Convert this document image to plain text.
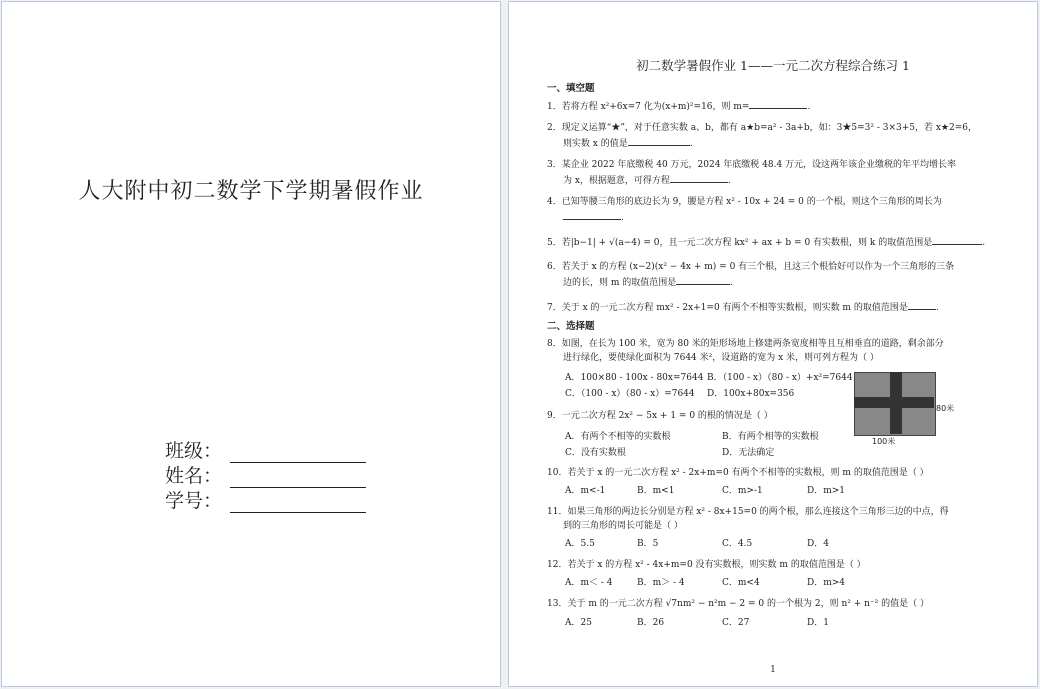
人大附中初二数学下学期暑假作业
班级：
姓名：
学号：
初二数学暑假作业 1——一元二次方程综合练习 1
一、填空题
1．若将方程 x²+6x=7 化为(x+m)²=16，则 m=	.
2．现定义运算“★”，对于任意实数 a、b，都有 a★b=a² - 3a+b，如：3★5=3² - 3×3+5，若 x★2=6，
则实数 x 的值是	.
3．某企业 2022 年底缴税 40 万元，2024 年底缴税 48.4 万元，设这两年该企业缴税的年平均增长率
为 x，根据题意，可得方程	.
4．已知等腰三角形的底边长为 9，腰是方程 x² - 10x + 24 = 0 的一个根，则这个三角形的周长为
.
5．若|b−1| + √(a−4) = 0，且一元二次方程 kx² + ax + b = 0 有实数根，则 k 的取值范围是	.
6．若关于 x 的方程 (x−2)(x² − 4x + m) = 0 有三个根，且这三个根恰好可以作为一个三角形的三条
边的长，则 m 的取值范围是	.
7．关于 x 的一元二次方程 mx² - 2x+1=0 有两个不相等实数根，则实数 m 的取值范围是	.
二、选择题
8．如图，在长为 100 米，宽为 80 米的矩形场地上修建两条宽度相等且互相垂直的道路，剩余部分
进行绿化，要使绿化面积为 7644 米²，设道路的宽为 x 米，则可列方程为（ ）
A．100×80 - 100x - 80x=7644 B．（100 - x）（80 - x）+x²=7644
C．（100 - x）（80 - x）=7644 D．100x+80x=356
80米
100米
9．一元二次方程 2x² − 5x + 1 = 0 的根的情况是（ ）
A．有两个不相等的实数根	B．有两个相等的实数根
C．没有实数根	D．无法确定
10．若关于 x 的一元二次方程 x² - 2x+m=0 有两个不相等的实数根，则 m 的取值范围是（ ）
A．m<-1	B．m<1	C．m>-1	D．m>1
11．如果三角形的两边长分别是方程 x² - 8x+15=0 的两个根，那么连接这个三角形三边的中点，得
到的三角形的周长可能是（ ）
A．5.5	B．5	C．4.5	D．4
12．若关于 x 的方程 x² - 4x+m=0 没有实数根，则实数 m 的取值范围是（ ）
A．m＜ - 4	B．m＞ - 4	C．m<4	D．m>4
13．关于 m 的一元二次方程 √7nm² − n²m − 2 = 0 的一个根为 2，则 n² + n⁻² 的值是（ ）
A．25	B．26	C．27	D．1
1
